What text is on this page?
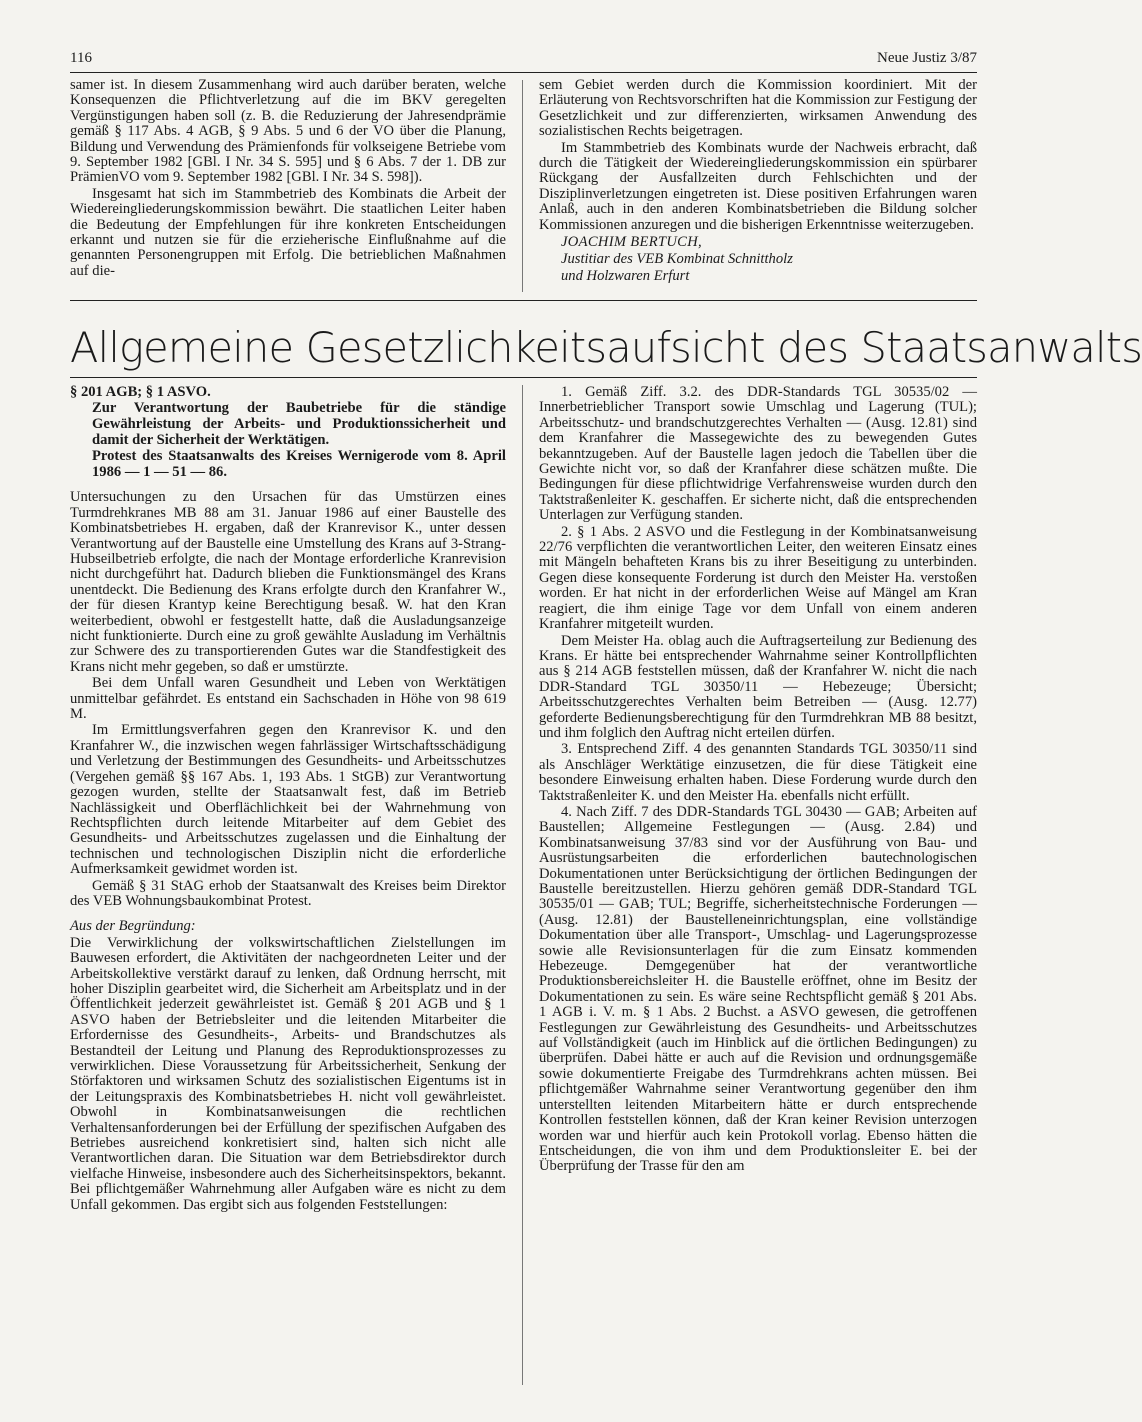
116	Neue Justiz 3/87

samer ist. In diesem Zusammenhang wird auch darüber beraten, welche Konsequenzen die Pflichtverletzung auf die im BKV geregelten Vergünstigungen haben soll (z. B. die Reduzierung der Jahresendprämie gemäß § 117 Abs. 4 AGB, § 9 Abs. 5 und 6 der VO über die Planung, Bildung und Verwendung des Prämienfonds für volkseigene Betriebe vom 9. September 1982 [GBl. I Nr. 34 S. 595] und § 6 Abs. 7 der 1. DB zur PrämienVO vom 9. September 1982 [GBl. I Nr. 34 S. 598]).

Insgesamt hat sich im Stammbetrieb des Kombinats die Arbeit der Wiedereingliederungskommission bewährt. Die staatlichen Leiter haben die Bedeutung der Empfehlungen für ihre konkreten Entscheidungen erkannt und nutzen sie für die erzieherische Einflußnahme auf die genannten Personengruppen mit Erfolg. Die betrieblichen Maßnahmen auf die-

sem Gebiet werden durch die Kommission koordiniert. Mit der Erläuterung von Rechtsvorschriften hat die Kommission zur Festigung der Gesetzlichkeit und zur differenzierten, wirksamen Anwendung des sozialistischen Rechts beigetragen.

Im Stammbetrieb des Kombinats wurde der Nachweis erbracht, daß durch die Tätigkeit der Wiedereingliederungskommission ein spürbarer Rückgang der Ausfallzeiten durch Fehlschichten und der Disziplinverletzungen eingetreten ist. Diese positiven Erfahrungen waren Anlaß, auch in den anderen Kombinatsbetrieben die Bildung solcher Kommissionen anzuregen und die bisherigen Erkenntnisse weiterzugeben.

JOACHIM BERTUCH,

Justitiar des VEB Kombinat Schnittholz

und Holzwaren Erfurt

Allgemeine Gesetzlichkeitsaufsicht des Staatsanwalts

§ 201 AGB; § 1 ASVO.

Zur Verantwortung der Baubetriebe für die ständige Gewährleistung der Arbeits- und Produktionssicherheit und damit der Sicherheit der Werktätigen.

Protest des Staatsanwalts des Kreises Wernigerode vom 8. April 1986 — 1 — 51 — 86.

Untersuchungen zu den Ursachen für das Umstürzen eines Turmdrehkranes MB 88 am 31. Januar 1986 auf einer Baustelle des Kombinatsbetriebes H. ergaben, daß der Kranrevisor K., unter dessen Verantwortung auf der Baustelle eine Umstellung des Krans auf 3-Strang-Hubseilbetrieb erfolgte, die nach der Montage erforderliche Kranrevision nicht durchgeführt hat. Dadurch blieben die Funktionsmängel des Krans unentdeckt. Die Bedienung des Krans erfolgte durch den Kranfahrer W., der für diesen Krantyp keine Berechtigung besaß. W. hat den Kran weiterbedient, obwohl er festgestellt hatte, daß die Ausladungsanzeige nicht funktionierte. Durch eine zu groß gewählte Ausladung im Verhältnis zur Schwere des zu transportierenden Gutes war die Standfestigkeit des Krans nicht mehr gegeben, so daß er umstürzte.

Bei dem Unfall waren Gesundheit und Leben von Werktätigen unmittelbar gefährdet. Es entstand ein Sachschaden in Höhe von 98 619 M.

Im Ermittlungsverfahren gegen den Kranrevisor K. und den Kranfahrer W., die inzwischen wegen fahrlässiger Wirtschaftsschädigung und Verletzung der Bestimmungen des Gesundheits- und Arbeitsschutzes (Vergehen gemäß §§ 167 Abs. 1, 193 Abs. 1 StGB) zur Verantwortung gezogen wurden, stellte der Staatsanwalt fest, daß im Betrieb Nachlässigkeit und Oberflächlichkeit bei der Wahrnehmung von Rechtspflichten durch leitende Mitarbeiter auf dem Gebiet des Gesundheits- und Arbeitsschutzes zugelassen und die Einhaltung der technischen und technologischen Disziplin nicht die erforderliche Aufmerksamkeit gewidmet worden ist.

Gemäß § 31 StAG erhob der Staatsanwalt des Kreises beim Direktor des VEB Wohnungsbaukombinat Protest.

Aus der Begründung:

Die Verwirklichung der volkswirtschaftlichen Zielstellungen im Bauwesen erfordert, die Aktivitäten der nachgeordneten Leiter und der Arbeitskollektive verstärkt darauf zu lenken, daß Ordnung herrscht, mit hoher Disziplin gearbeitet wird, die Sicherheit am Arbeitsplatz und in der Öffentlichkeit jederzeit gewährleistet ist. Gemäß § 201 AGB und § 1 ASVO haben der Betriebsleiter und die leitenden Mitarbeiter die Erfordernisse des Gesundheits-, Arbeits- und Brandschutzes als Bestandteil der Leitung und Planung des Reproduktionsprozesses zu verwirklichen. Diese Voraussetzung für Arbeitssicherheit, Senkung der Störfaktoren und wirksamen Schutz des sozialistischen Eigentums ist in der Leitungspraxis des Kombinatsbetriebes H. nicht voll gewährleistet. Obwohl in Kombinatsanweisungen die rechtlichen Verhaltensanforderungen bei der Erfüllung der spezifischen Aufgaben des Betriebes ausreichend konkretisiert sind, halten sich nicht alle Verantwortlichen daran. Die Situation war dem Betriebsdirektor durch vielfache Hinweise, insbesondere auch des Sicherheitsinspektors, bekannt. Bei pflichtgemäßer Wahrnehmung aller Aufgaben wäre es nicht zu dem Unfall gekommen. Das ergibt sich aus folgenden Feststellungen:

1. Gemäß Ziff. 3.2. des DDR-Standards TGL 30535/02 — Innerbetrieblicher Transport sowie Umschlag und Lagerung (TUL); Arbeitsschutz- und brandschutzgerechtes Verhalten — (Ausg. 12.81) sind dem Kranfahrer die Massegewichte des zu bewegenden Gutes bekanntzugeben. Auf der Baustelle lagen jedoch die Tabellen über die Gewichte nicht vor, so daß der Kranfahrer diese schätzen mußte. Die Bedingungen für diese pflichtwidrige Verfahrensweise wurden durch den Taktstraßenleiter K. geschaffen. Er sicherte nicht, daß die entsprechenden Unterlagen zur Verfügung standen.

2. § 1 Abs. 2 ASVO und die Festlegung in der Kombinatsanweisung 22/76 verpflichten die verantwortlichen Leiter, den weiteren Einsatz eines mit Mängeln behafteten Krans bis zu ihrer Beseitigung zu unterbinden. Gegen diese konsequente Forderung ist durch den Meister Ha. verstoßen worden. Er hat nicht in der erforderlichen Weise auf Mängel am Kran reagiert, die ihm einige Tage vor dem Unfall von einem anderen Kranfahrer mitgeteilt wurden.

Dem Meister Ha. oblag auch die Auftragserteilung zur Bedienung des Krans. Er hätte bei entsprechender Wahrnahme seiner Kontrollpflichten aus § 214 AGB feststellen müssen, daß der Kranfahrer W. nicht die nach DDR-Standard TGL 30350/11 — Hebezeuge; Übersicht; Arbeitsschutzgerechtes Verhalten beim Betreiben — (Ausg. 12.77) geforderte Bedienungsberechtigung für den Turmdrehkran MB 88 besitzt, und ihm folglich den Auftrag nicht erteilen dürfen.

3. Entsprechend Ziff. 4 des genannten Standards TGL 30350/11 sind als Anschläger Werktätige einzusetzen, die für diese Tätigkeit eine besondere Einweisung erhalten haben. Diese Forderung wurde durch den Taktstraßenleiter K. und den Meister Ha. ebenfalls nicht erfüllt.

4. Nach Ziff. 7 des DDR-Standards TGL 30430 — GAB; Arbeiten auf Baustellen; Allgemeine Festlegungen — (Ausg. 2.84) und Kombinatsanweisung 37/83 sind vor der Ausführung von Bau- und Ausrüstungsarbeiten die erforderlichen bautechnologischen Dokumentationen unter Berücksichtigung der örtlichen Bedingungen der Baustelle bereitzustellen. Hierzu gehören gemäß DDR-Standard TGL 30535/01 — GAB; TUL; Begriffe, sicherheitstechnische Forderungen — (Ausg. 12.81) der Baustelleneinrichtungsplan, eine vollständige Dokumentation über alle Transport-, Umschlag- und Lagerungsprozesse sowie alle Revisionsunterlagen für die zum Einsatz kommenden Hebezeuge. Demgegenüber hat der verantwortliche Produktionsbereichsleiter H. die Baustelle eröffnet, ohne im Besitz der Dokumentationen zu sein. Es wäre seine Rechtspflicht gemäß § 201 Abs. 1 AGB i. V. m. § 1 Abs. 2 Buchst. a ASVO gewesen, die getroffenen Festlegungen zur Gewährleistung des Gesundheits- und Arbeitsschutzes auf Vollständigkeit (auch im Hinblick auf die örtlichen Bedingungen) zu überprüfen. Dabei hätte er auch auf die Revision und ordnungsgemäße sowie dokumentierte Freigabe des Turmdrehkrans achten müssen. Bei pflichtgemäßer Wahrnahme seiner Verantwortung gegenüber den ihm unterstellten leitenden Mitarbeitern hätte er durch entsprechende Kontrollen feststellen können, daß der Kran keiner Revision unterzogen worden war und hierfür auch kein Protokoll vorlag. Ebenso hätten die Entscheidungen, die von ihm und dem Produktionsleiter E. bei der Überprüfung der Trasse für den am
